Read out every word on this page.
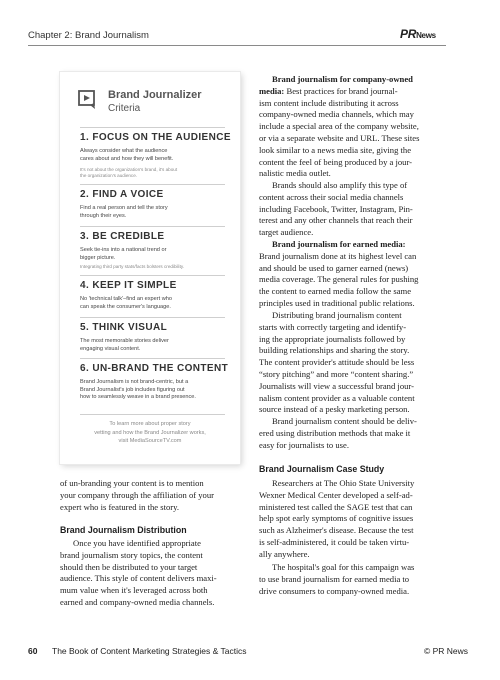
Chapter 2: Brand Journalism	PRNews
Brand Journalizer
Criteria
1. FOCUS ON THE AUDIENCE
Always consider what the audience
cares about and how they will benefit.
It's not about the organization's brand, it's about
the organization's audience.
2. FIND A VOICE
Find a real person and tell the story
through their eyes.
3. BE CREDIBLE
Seek tie-ins into a national trend or
bigger picture.
Integrating third party stats/facts bolsters credibility.
4. KEEP IT SIMPLE
No 'technical talk'–find an expert who
can speak the consumer's language.
5. THINK VISUAL
The most memorable stories deliver
engaging visual content.
6. UN-BRAND THE CONTENT
Brand Journalism is not brand-centric, but a
Brand Journalist's job includes figuring out
how to seamlessly weave in a brand presence.
To learn more about proper story
vetting and how the Brand Journalizer works,
visit MediaSourceTV.com
of un-branding your content is to mention
your company through the affiliation of your
expert who is featured in the story.
Brand Journalism Distribution
Once you have identified appropriate
brand journalism story topics, the content
should then be distributed to your target
audience. This style of content delivers maxi-
mum value when it's leveraged across both
earned and company-owned media channels.
Brand journalism for company-owned
media: Best practices for brand journal-
ism content include distributing it across
company-owned media channels, which may
include a special area of the company website,
or via a separate website and URL. These sites
look similar to a news media site, giving the
content the feel of being produced by a jour-
nalistic media outlet.
Brands should also amplify this type of
content across their social media channels
including Facebook, Twitter, Instagram, Pin-
terest and any other channels that reach their
target audience.
Brand journalism for earned media:
Brand journalism done at its highest level can
and should be used to garner earned (news)
media coverage. The general rules for pushing
the content to earned media follow the same
principles used in traditional public relations.
Distributing brand journalism content
starts with correctly targeting and identify-
ing the appropriate journalists followed by
building relationships and sharing the story.
The content provider's attitude should be less
“story pitching” and more “content sharing.”
Journalists will view a successful brand jour-
nalism content provider as a valuable content
source instead of a pesky marketing person.
Brand journalism content should be deliv-
ered using distribution methods that make it
easy for journalists to use.
Brand Journalism Case Study
Researchers at The Ohio State University
Wexner Medical Center developed a self-ad-
ministered test called the SAGE test that can
help spot early symptoms of cognitive issues
such as Alzheimer's disease. Because the test
is self-administered, it could be taken virtu-
ally anywhere.
The hospital's goal for this campaign was
to use brand journalism for earned media to
drive consumers to company-owned media.
60 The Book of Content Marketing Strategies & Tactics	© PR News
